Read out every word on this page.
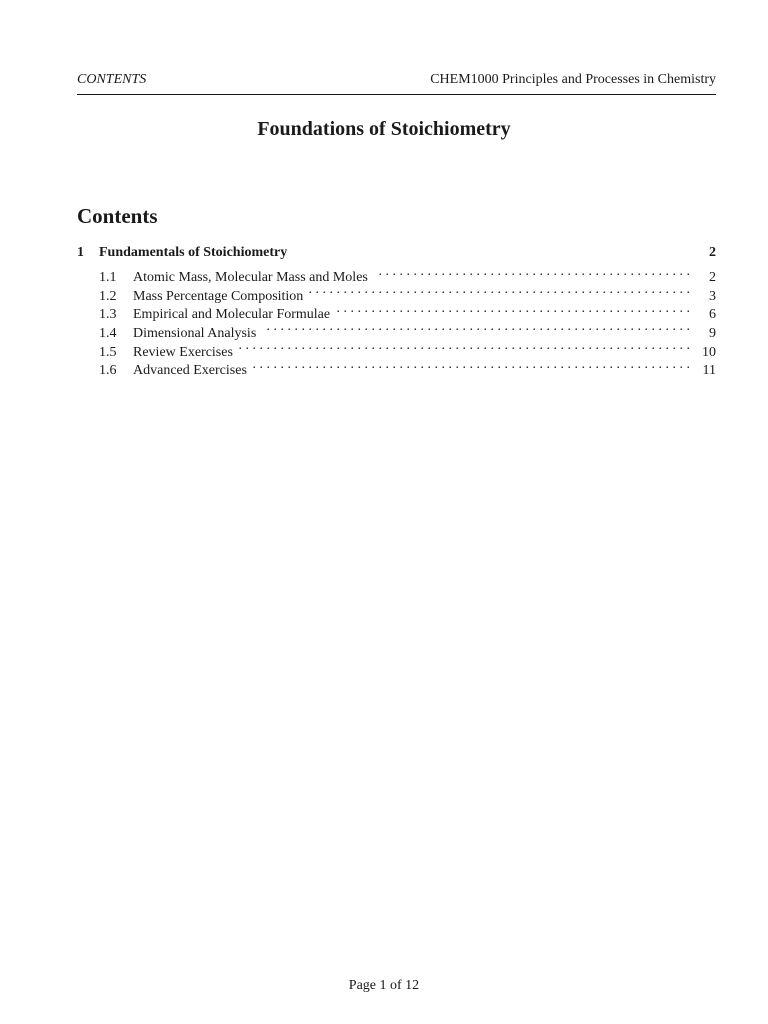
CONTENTS	CHEM1000 Principles and Processes in Chemistry
Foundations of Stoichiometry
Contents
1	Fundamentals of Stoichiometry	2
1.1	Atomic Mass, Molecular Mass and Moles . . .	2
1.2	Mass Percentage Composition . . .	3
1.3	Empirical and Molecular Formulae . . .	6
1.4	Dimensional Analysis . . .	9
1.5	Review Exercises . . .	10
1.6	Advanced Exercises . . .	11
Page 1 of 12
